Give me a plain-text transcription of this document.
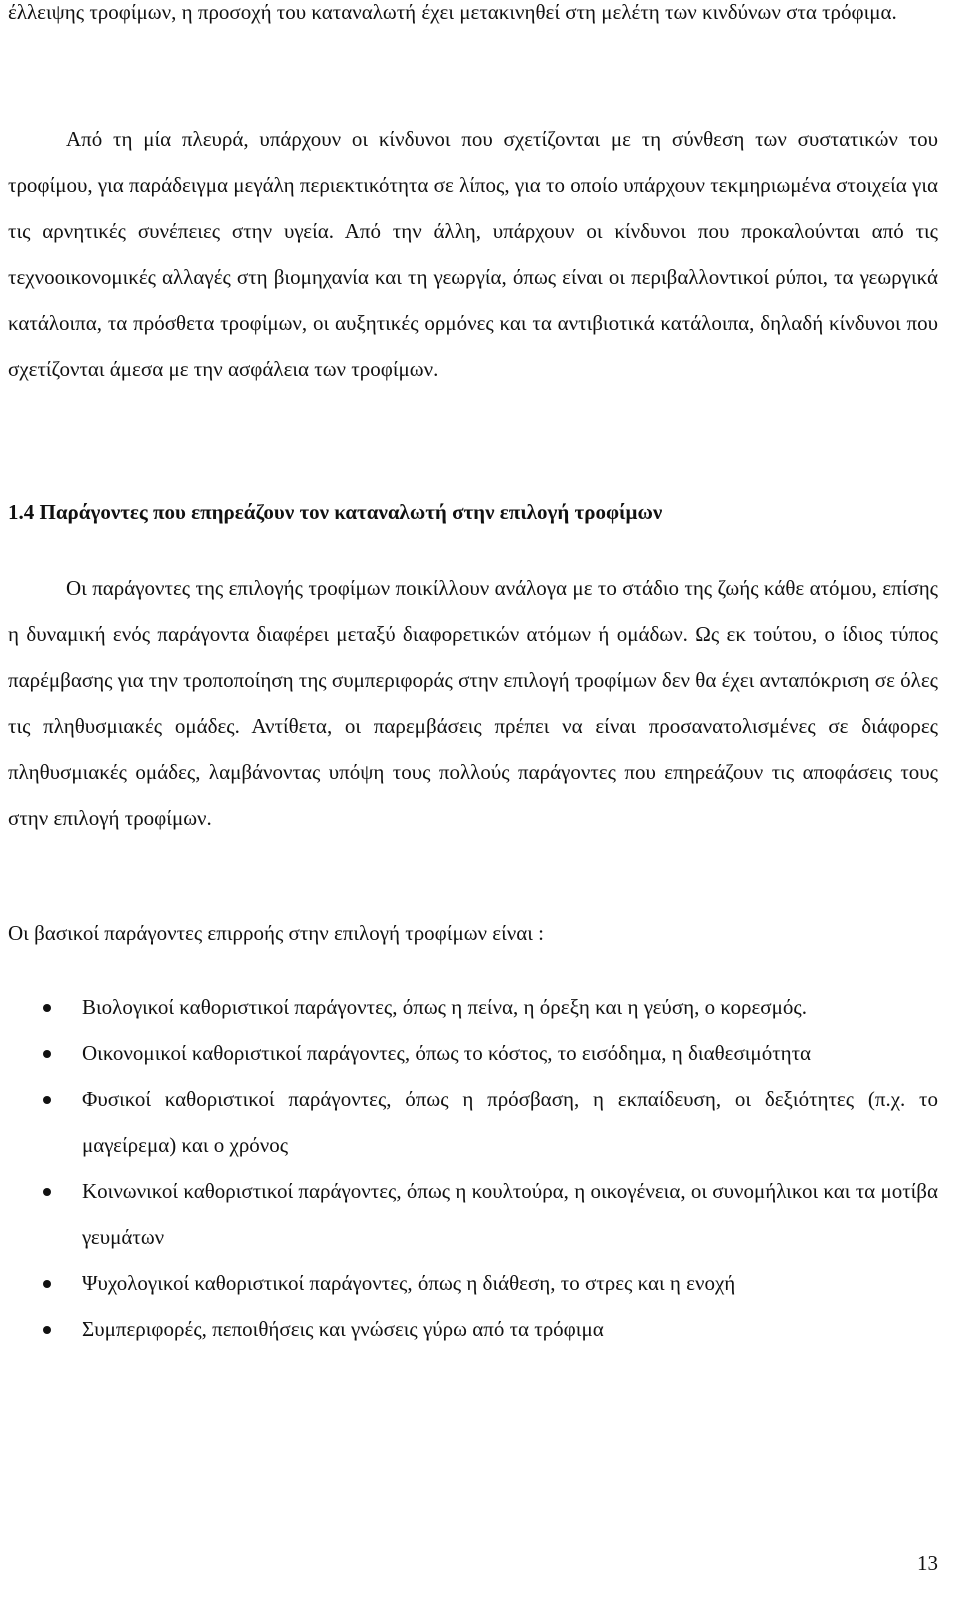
έλλειψης τροφίμων, η προσοχή του καταναλωτή έχει μετακινηθεί στη μελέτη των κινδύνων στα τρόφιμα.

Από τη μία πλευρά, υπάρχουν οι κίνδυνοι που σχετίζονται με τη σύνθεση των συστατικών του τροφίμου, για παράδειγμα μεγάλη περιεκτικότητα σε λίπος, για το οποίο υπάρχουν τεκμηριωμένα στοιχεία για τις αρνητικές συνέπειες στην υγεία. Από την άλλη, υπάρχουν οι κίνδυνοι που προκαλούνται από τις τεχνοοικονομικές αλλαγές στη βιομηχανία και τη γεωργία, όπως είναι οι περιβαλλοντικοί ρύποι, τα γεωργικά κατάλοιπα, τα πρόσθετα τροφίμων, οι αυξητικές ορμόνες και τα αντιβιοτικά κατάλοιπα, δηλαδή κίνδυνοι που σχετίζονται άμεσα με την ασφάλεια των τροφίμων.

1.4 Παράγοντες που επηρεάζουν τον καταναλωτή στην επιλογή τροφίμων

Οι παράγοντες της επιλογής τροφίμων ποικίλλουν ανάλογα με το στάδιο της ζωής κάθε ατόμου, επίσης η δυναμική ενός παράγοντα διαφέρει μεταξύ διαφορετικών ατόμων ή ομάδων. Ως εκ τούτου, ο ίδιος τύπος παρέμβασης για την τροποποίηση της συμπεριφοράς στην επιλογή τροφίμων δεν θα έχει ανταπόκριση σε όλες τις πληθυσμιακές ομάδες. Αντίθετα, οι παρεμβάσεις πρέπει να είναι προσανατολισμένες σε διάφορες πληθυσμιακές ομάδες, λαμβάνοντας υπόψη τους πολλούς παράγοντες που επηρεάζουν τις αποφάσεις τους στην επιλογή τροφίμων.

Οι βασικοί παράγοντες επιρροής στην επιλογή τροφίμων είναι :

Βιολογικοί καθοριστικοί παράγοντες, όπως η πείνα, η όρεξη και η γεύση, ο κορεσμός.
Οικονομικοί καθοριστικοί παράγοντες, όπως το κόστος, το εισόδημα, η διαθεσιμότητα
Φυσικοί καθοριστικοί παράγοντες, όπως η πρόσβαση, η εκπαίδευση, οι δεξιότητες (π.χ. το μαγείρεμα) και ο χρόνος
Κοινωνικοί καθοριστικοί παράγοντες, όπως η κουλτούρα, η οικογένεια, οι συνομήλικοι και τα μοτίβα γευμάτων
Ψυχολογικοί καθοριστικοί παράγοντες, όπως η διάθεση, το στρες και η ενοχή
Συμπεριφορές, πεποιθήσεις και γνώσεις γύρω από τα τρόφιμα
13
